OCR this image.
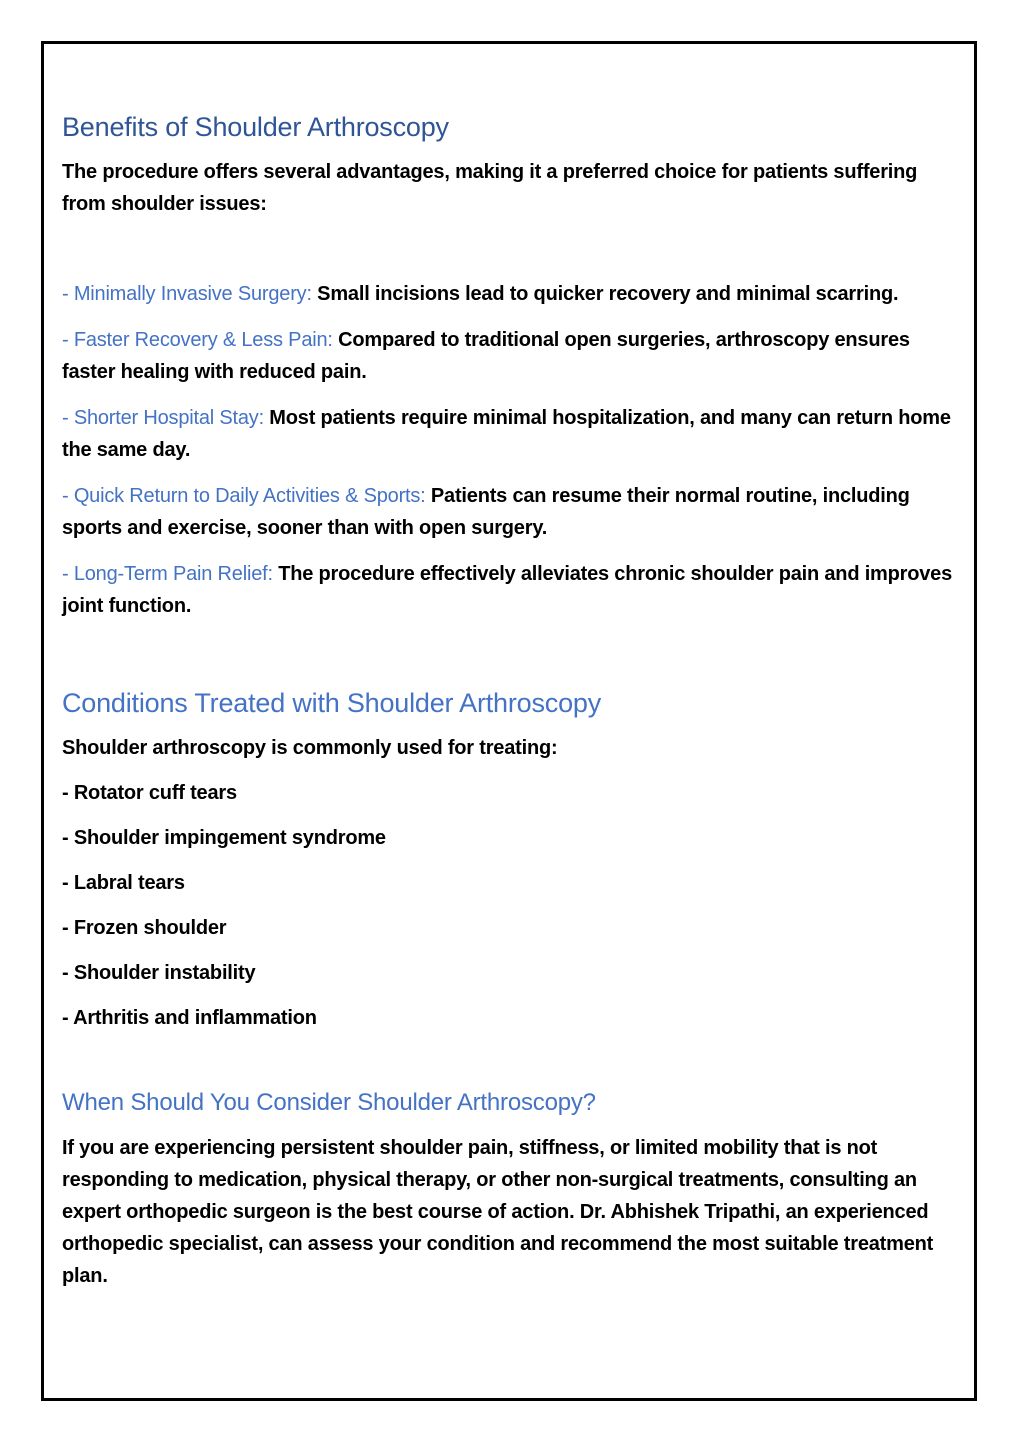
Benefits of Shoulder Arthroscopy

The procedure offers several advantages, making it a preferred choice for patients suffering from shoulder issues:

- Minimally Invasive Surgery: Small incisions lead to quicker recovery and minimal scarring.

- Faster Recovery & Less Pain: Compared to traditional open surgeries, arthroscopy ensures faster healing with reduced pain.

- Shorter Hospital Stay: Most patients require minimal hospitalization, and many can return home the same day.

- Quick Return to Daily Activities & Sports: Patients can resume their normal routine, including sports and exercise, sooner than with open surgery.

- Long-Term Pain Relief: The procedure effectively alleviates chronic shoulder pain and improves joint function.

Conditions Treated with Shoulder Arthroscopy

Shoulder arthroscopy is commonly used for treating:

- Rotator cuff tears

- Shoulder impingement syndrome

- Labral tears

- Frozen shoulder

- Shoulder instability

- Arthritis and inflammation

When Should You Consider Shoulder Arthroscopy?

If you are experiencing persistent shoulder pain, stiffness, or limited mobility that is not responding to medication, physical therapy, or other non-surgical treatments, consulting an expert orthopedic surgeon is the best course of action. Dr. Abhishek Tripathi, an experienced orthopedic specialist, can assess your condition and recommend the most suitable treatment plan.
